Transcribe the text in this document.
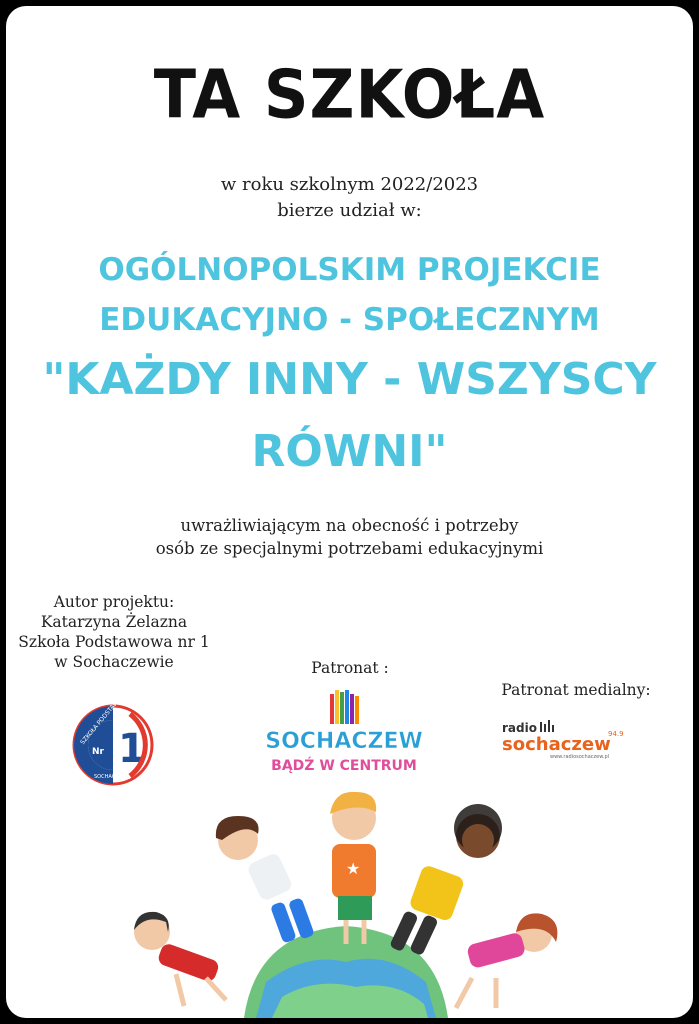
TA SZKOŁA
w roku szkolnym 2022/2023
bierze udział w:
OGÓLNOPOLSKIM PROJEKCIE
EDUKACYJNO - SPOŁECZNYM
"KAŻDY INNY - WSZYSCY
RÓWNI"
uwrażliwiającym na obecność i potrzeby
osób ze specjalnymi potrzebami edukacyjnymi
Autor projektu:
Katarzyna Żelazna
Szkoła Podstawowa nr 1
w Sochaczewie	Patronat :
Patronat medialny:
1
Nr
SZKOŁA
SOCHACZEW
SOCHACZEW
BĄDŹ W CENTRUM
radio
sochaczew
94.9
www.radiosochaczew.pl
★
